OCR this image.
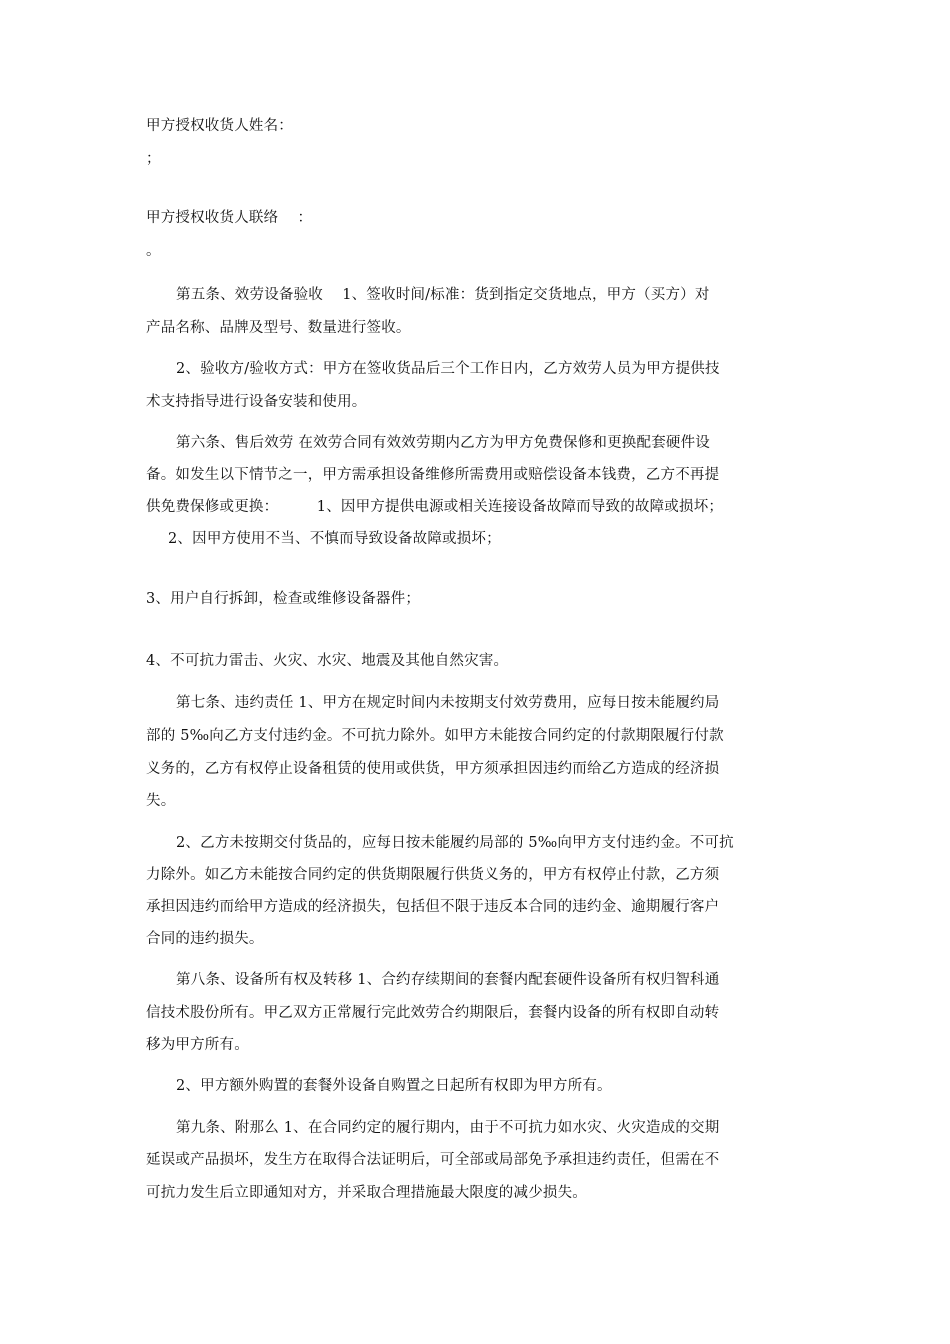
甲方授权收货人姓名：
；
甲方授权收货人联络    ：
。
第五条、效劳设备验收    1、签收时间/标准：货到指定交货地点，甲方（买方）对
产品名称、品牌及型号、数量进行签收。
2、验收方/验收方式：甲方在签收货品后三个工作日内，乙方效劳人员为甲方提供技
术支持指导进行设备安装和使用。
第六条、售后效劳 在效劳合同有效效劳期内乙方为甲方免费保修和更换配套硬件设
备。如发生以下情节之一，甲方需承担设备维修所需费用或赔偿设备本钱费，乙方不再提
供免费保修或更换：        1、因甲方提供电源或相关连接设备故障而导致的故障或损坏；
2、因甲方使用不当、不慎而导致设备故障或损坏；
3、用户自行拆卸，检查或维修设备器件；
4、不可抗力雷击、火灾、水灾、地震及其他自然灾害。
第七条、违约责任 1、甲方在规定时间内未按期支付效劳费用，应每日按未能履约局
部的 5‰向乙方支付违约金。不可抗力除外。如甲方未能按合同约定的付款期限履行付款
义务的，乙方有权停止设备租赁的使用或供货，甲方须承担因违约而给乙方造成的经济损
失。
2、乙方未按期交付货品的，应每日按未能履约局部的 5‰向甲方支付违约金。不可抗
力除外。如乙方未能按合同约定的供货期限履行供货义务的，甲方有权停止付款，乙方须
承担因违约而给甲方造成的经济损失，包括但不限于违反本合同的违约金、逾期履行客户
合同的违约损失。
第八条、设备所有权及转移 1、合约存续期间的套餐内配套硬件设备所有权归智科通
信技术股份所有。甲乙双方正常履行完此效劳合约期限后，套餐内设备的所有权即自动转
移为甲方所有。
2、甲方额外购置的套餐外设备自购置之日起所有权即为甲方所有。
第九条、附那么 1、在合同约定的履行期内，由于不可抗力如水灾、火灾造成的交期
延误或产品损坏，发生方在取得合法证明后，可全部或局部免予承担违约责任，但需在不
可抗力发生后立即通知对方，并采取合理措施最大限度的减少损失。
